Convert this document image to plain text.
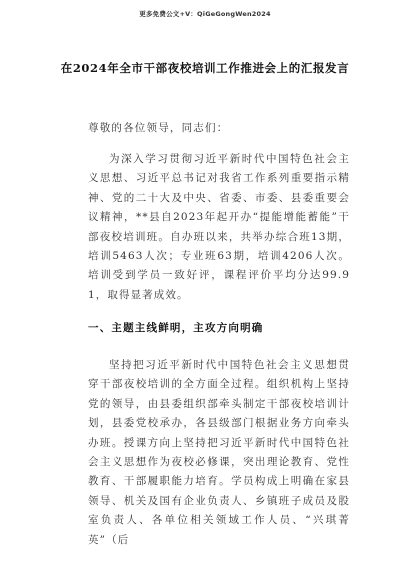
更多免费公文+V：QiGeGongWen2024
在2024年全市干部夜校培训工作推进会上的汇报发言
尊敬的各位领导，同志们：

为深入学习贯彻习近平新时代中国特色社会主义思想、习近平总书记对我省工作系列重要指示精神、党的二十大及中央、省委、市委、县委重要会议精神，**县自2023年起开办“提能增能蓄能”干部夜校培训班。自办班以来，共举办综合班13期，培训5463人次；专业班63期，培训4206人次。培训受到学员一致好评，课程评价平均分达99.91，取得显著成效。

一、主题主线鲜明，主攻方向明确

坚持把习近平新时代中国特色社会主义思想贯穿干部夜校培训的全方面全过程。组织机构上坚持党的领导，由县委组织部牵头制定干部夜校培训计划，县委党校承办，各县级部门根据业务方向牵头办班。授课方向上坚持把习近平新时代中国特色社会主义思想作为夜校必修课，突出理论教育、党性教育、干部履职能力培育。学员构成上明确在家县领导、机关及国有企业负责人、乡镇班子成员及股室负责人、各单位相关领域工作人员、“兴琪菁英”（后
